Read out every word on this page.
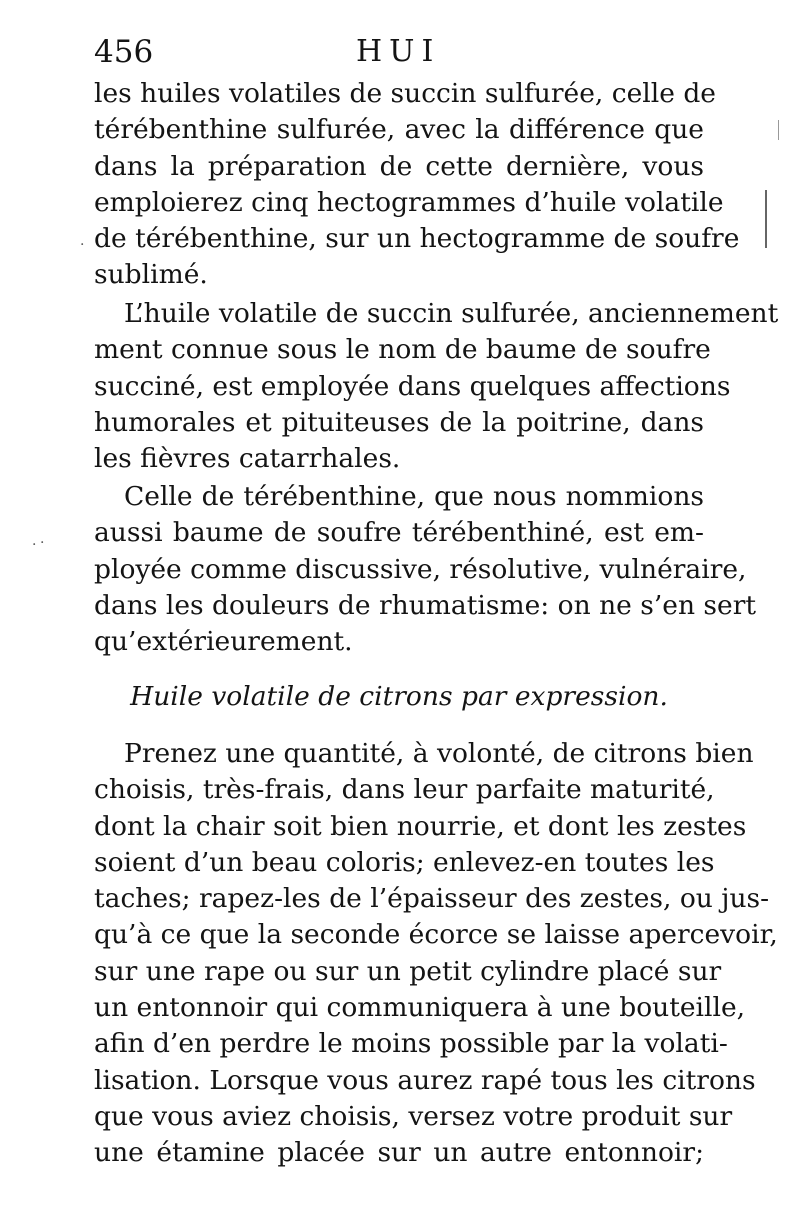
456	HUI
les huiles volatiles de succin sulfurée, celle de
térébenthine sulfurée, avec la différence que
dans la préparation de cette dernière, vous
emploierez cinq hectogrammes d’huile volatile
de térébenthine, sur un hectogramme de soufre
sublimé.
L’huile volatile de succin sulfurée, anciennement
ment connue sous le nom de baume de soufre
succiné, est employée dans quelques affections
humorales et pituiteuses de la poitrine, dans
les fièvres catarrhales.
Celle de térébenthine, que nous nommions
aussi baume de soufre térébenthiné, est em-
ployée comme discussive, résolutive, vulnéraire,
dans les douleurs de rhumatisme: on ne s’en sert
qu’extérieurement.
Huile volatile de citrons par expression.
Prenez une quantité, à volonté, de citrons bien
choisis, très-frais, dans leur parfaite maturité,
dont la chair soit bien nourrie, et dont les zestes
soient d’un beau coloris; enlevez-en toutes les
taches; rapez-les de l’épaisseur des zestes, ou jus-
qu’à ce que la seconde écorce se laisse apercevoir,
sur une rape ou sur un petit cylindre placé sur
un entonnoir qui communiquera à une bouteille,
afin d’en perdre le moins possible par la volati-
lisation. Lorsque vous aurez rapé tous les citrons
que vous aviez choisis, versez votre produit sur
une étamine placée sur un autre entonnoir;
·
· ·
